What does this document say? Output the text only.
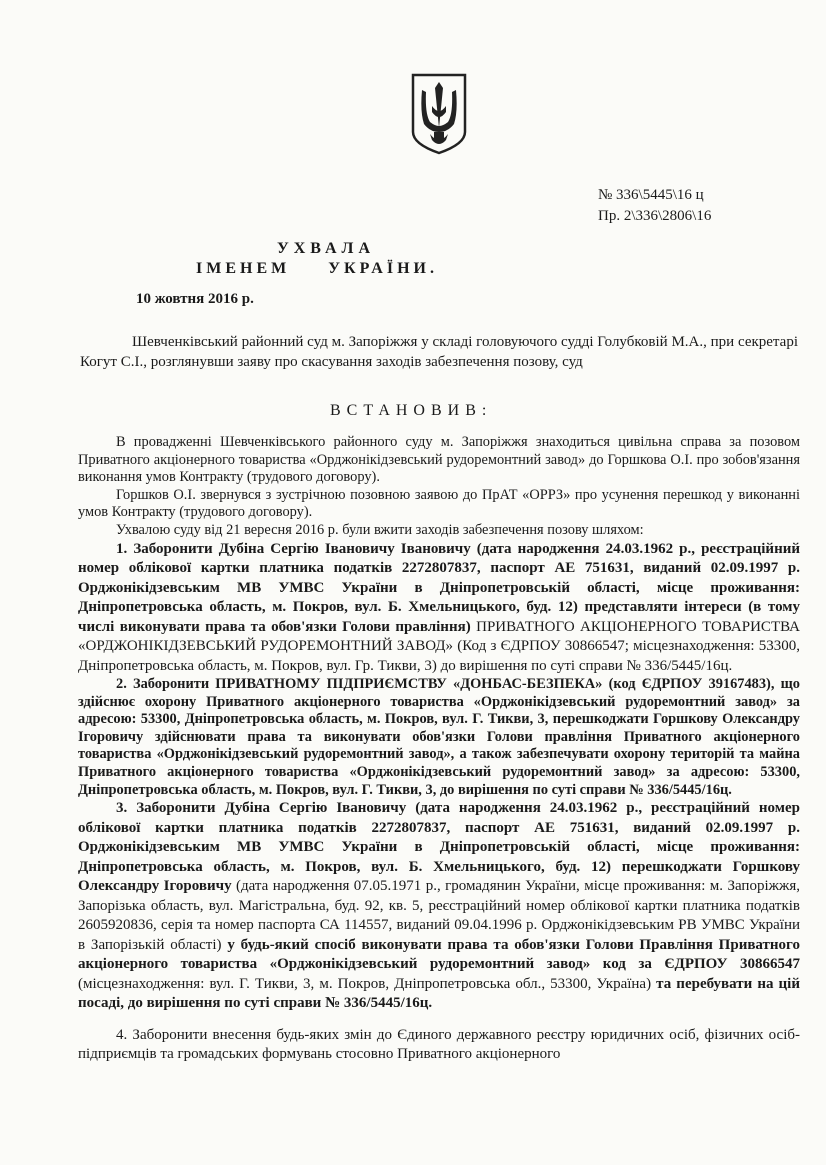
№ 336\5445\16 ц
Пр. 2\336\2806\16
УХВАЛА
ІМЕНЕМ УКРАЇНИ.
10 жовтня 2016 р.
Шевченківський районний суд м. Запоріжжя у складі головуючого судді Голубковій М.А., при секретарі Когут С.І., розглянувши заяву про скасування заходів забезпечення позову, суд
ВСТАНОВИВ:

В провадженні Шевченківського районного суду м. Запоріжжя знаходиться цивільна справа за позовом Приватного акціонерного товариства «Орджонікідзевський рудоремонтний завод» до Горшкова О.І. про зобов'язання виконання умов Контракту (трудового договору).

Горшков О.І. звернувся з зустрічною позовною заявою до ПрАТ «ОРРЗ» про усунення перешкод у виконанні умов Контракту (трудового договору).

Ухвалою суду від 21 вересня 2016 р. були вжити заходів забезпечення позову шляхом:

1. Заборонити Дубіна Сергію Івановичу Івановичу (дата народження 24.03.1962 р., реєстраційний номер облікової картки платника податків 2272807837, паспорт АЕ 751631, виданий 02.09.1997 р. Орджонікідзевським МВ УМВС України в Дніпропетровській області, місце проживання: Дніпропетровська область, м. Покров, вул. Б. Хмельницького, буд. 12) представляти інтереси (в тому числі виконувати права та обов'язки Голови правління) ПРИВАТНОГО АКЦІОНЕРНОГО ТОВАРИСТВА «ОРДЖОНІКІДЗЕВСЬКИЙ РУДОРЕМОНТНИЙ ЗАВОД» (Код з ЄДРПОУ 30866547; місцезнаходження: 53300, Дніпропетровська область, м. Покров, вул. Гр. Тикви, 3) до вирішення по суті справи № 336/5445/16ц.

2. Заборонити ПРИВАТНОМУ ПІДПРИЄМСТВУ «ДОНБАС-БЕЗПЕКА» (код ЄДРПОУ 39167483), що здійснює охорону Приватного акціонерного товариства «Орджонікідзевський рудоремонтний завод» за адресою: 53300, Дніпропетровська область, м. Покров, вул. Г. Тикви, 3, перешкоджати Горшкову Олександру Ігоровичу здійснювати права та виконувати обов'язки Голови правління Приватного акціонерного товариства «Орджонікідзевський рудоремонтний завод», а також забезпечувати охорону територій та майна Приватного акціонерного товариства «Орджонікідзевський рудоремонтний завод» за адресою: 53300, Дніпропетровська область, м. Покров, вул. Г. Тикви, 3, до вирішення по суті справи № 336/5445/16ц.

3. Заборонити Дубіна Сергію Івановичу (дата народження 24.03.1962 р., реєстраційний номер облікової картки платника податків 2272807837, паспорт АЕ 751631, виданий 02.09.1997 р. Орджонікідзевським МВ УМВС України в Дніпропетровській області, місце проживання: Дніпропетровська область, м. Покров, вул. Б. Хмельницького, буд. 12) перешкоджати Горшкову Олександру Ігоровичу (дата народження 07.05.1971 р., громадянин України, місце проживання: м. Запоріжжя, Запорізька область, вул. Магістральна, буд. 92, кв. 5, реєстраційний номер облікової картки платника податків 2605920836, серія та номер паспорта СА 114557, виданий 09.04.1996 р. Орджонікідзевським РВ УМВС України в Запорізькій області) у будь-який спосіб виконувати права та обов'язки Голови Правління Приватного акціонерного товариства «Орджонікідзевський рудоремонтний завод» код за ЄДРПОУ 30866547 (місцезнаходження: вул. Г. Тикви, 3, м. Покров, Дніпропетровська обл., 53300, Україна) та перебувати на цій посаді, до вирішення по суті справи № 336/5445/16ц.

4. Заборонити внесення будь-яких змін до Єдиного державного реєстру юридичних осіб, фізичних осіб-підприємців та громадських формувань стосовно Приватного акціонерного
